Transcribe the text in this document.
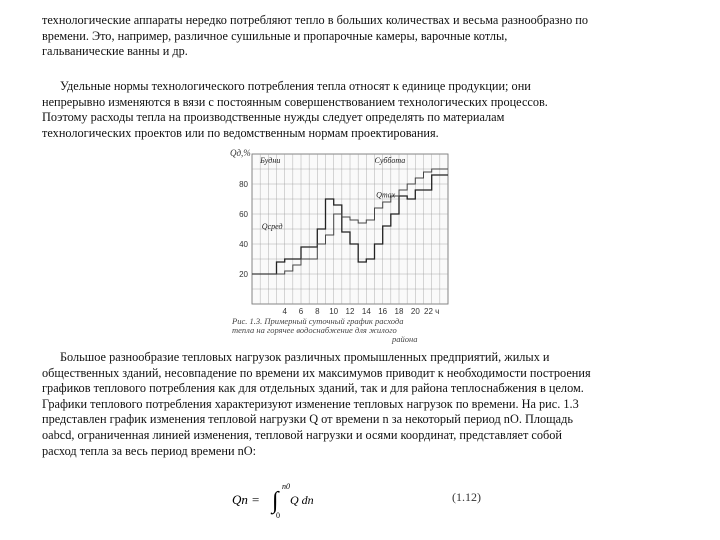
технологические аппараты нередко потребляют тепло в больших количествах и весьма разнообразно по
времени. Это, например, различное сушильные и пропарочные камеры, варочные котлы,
гальванические ванны и др.

Удельные нормы технологического потребления тепла относят к единице продукции; они
непрерывно изменяются в вязи с постоянным совершенствованием технологических процессов.
Поэтому расходы тепла на производственные нужды следует определять по материалам
технологических проектов или по ведомственным нормам проектирования.

80
60
40
20
4 6 8 10 12 14 16 18 20 22 ч
Qд,%
Будни	Суббота
Qmax
Qсред
Рис. 1.3. Примерный суточный график расхода
тепла на горячее водоснабжение для жилого
района

Большое разнообразие тепловых нагрузок различных промышленных предприятий, жилых и
общественных зданий, несовпадение по времени их максимумов приводит к необходимости построения
графиков теплового потребления как для отдельных зданий, так и для района теплоснабжения в целом.
Графики теплового потребления характеризуют изменение тепловых нагрузок по времени. На рис. 1.3
представлен график изменения тепловой нагрузки Q от времени n за некоторый период nO. Площадь
oabcd, ограниченная линией изменения, тепловой нагрузки и осями координат, представляет собой
расход тепла за весь период времени nO:

Qп = ∫
n0
0
Q dn	(1.12)
